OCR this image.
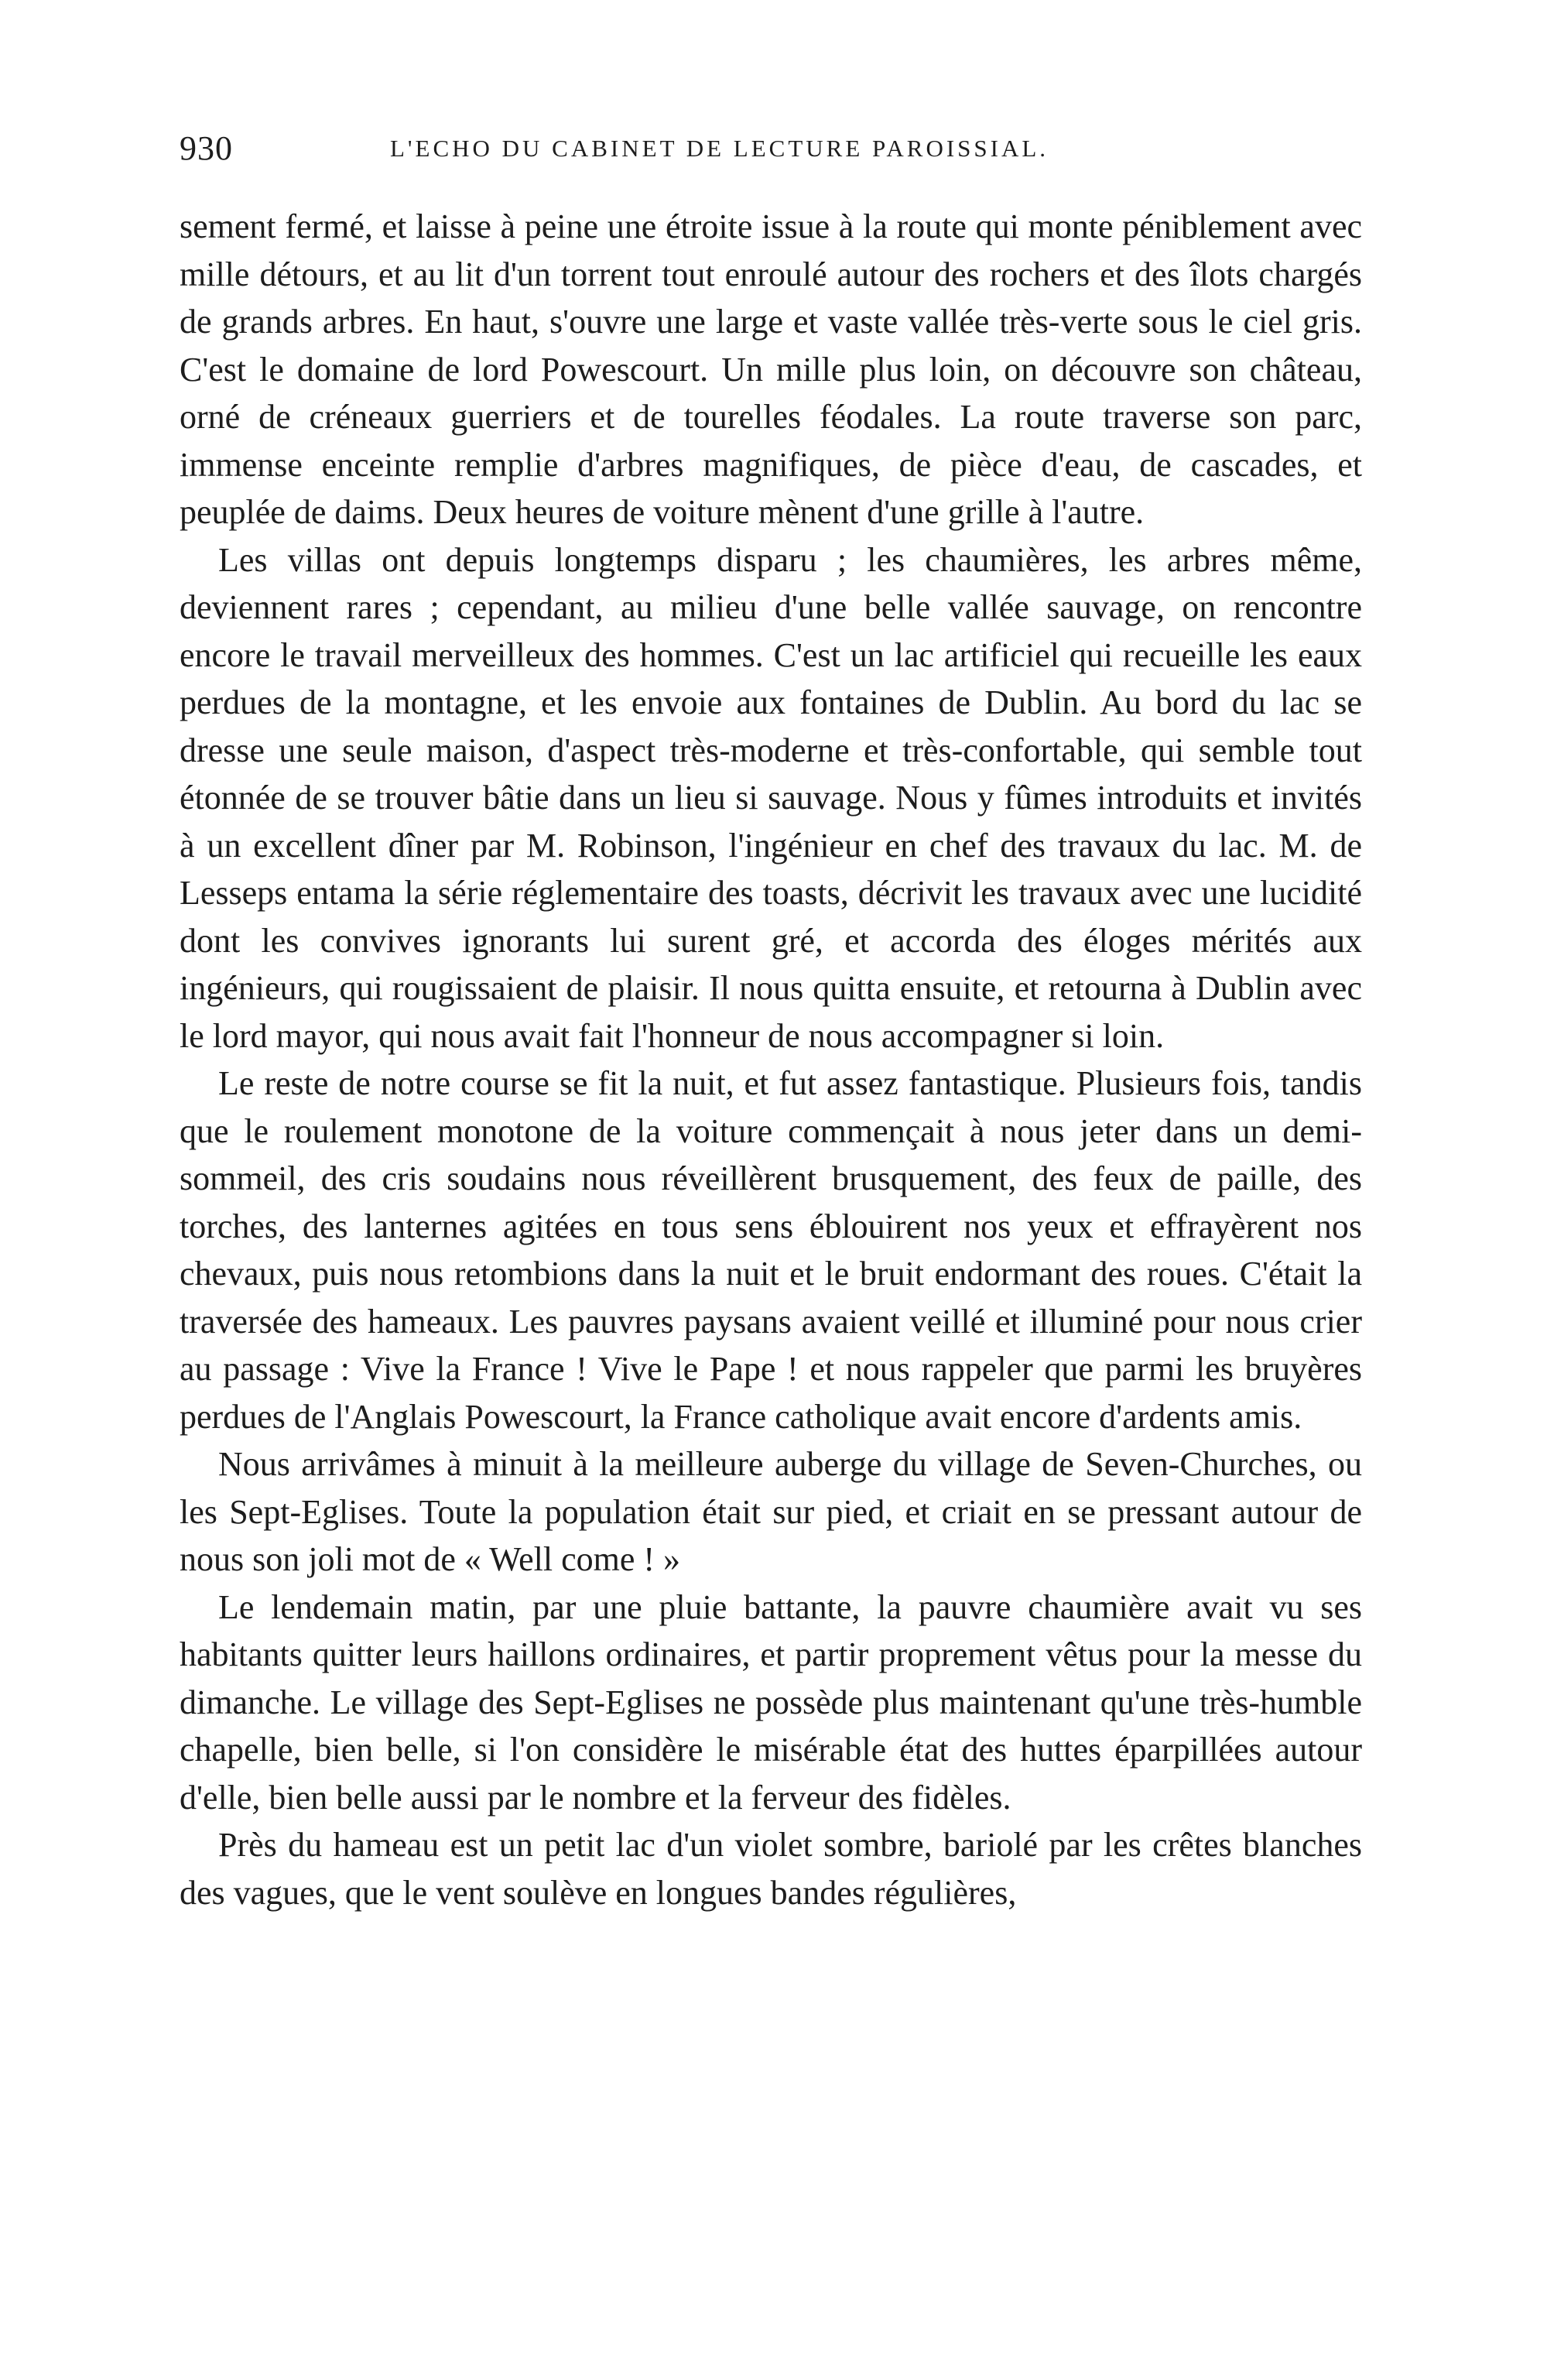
930	L'ECHO DU CABINET DE LECTURE PAROISSIAL.

sement fermé, et laisse à peine une étroite issue à la route qui monte péniblement avec mille détours, et au lit d'un torrent tout enroulé autour des rochers et des îlots chargés de grands arbres. En haut, s'ouvre une large et vaste vallée très-verte sous le ciel gris. C'est le domaine de lord Powescourt. Un mille plus loin, on découvre son château, orné de créneaux guerriers et de tourelles féodales. La route traverse son parc, immense enceinte remplie d'arbres magnifiques, de pièce d'eau, de cascades, et peuplée de daims. Deux heures de voiture mènent d'une grille à l'autre.

Les villas ont depuis longtemps disparu ; les chaumières, les arbres même, deviennent rares ; cependant, au milieu d'une belle vallée sauvage, on rencontre encore le travail merveilleux des hommes. C'est un lac artificiel qui recueille les eaux perdues de la montagne, et les envoie aux fontaines de Dublin. Au bord du lac se dresse une seule maison, d'aspect très-moderne et très-confortable, qui semble tout étonnée de se trouver bâtie dans un lieu si sauvage. Nous y fûmes introduits et invités à un excellent dîner par M. Robinson, l'ingénieur en chef des travaux du lac. M. de Lesseps entama la série réglementaire des toasts, décrivit les travaux avec une lucidité dont les convives ignorants lui surent gré, et accorda des éloges mérités aux ingénieurs, qui rougissaient de plaisir. Il nous quitta ensuite, et retourna à Dublin avec le lord mayor, qui nous avait fait l'honneur de nous accompagner si loin.

Le reste de notre course se fit la nuit, et fut assez fantastique. Plusieurs fois, tandis que le roulement monotone de la voiture commençait à nous jeter dans un demi-sommeil, des cris soudains nous réveillèrent brusquement, des feux de paille, des torches, des lanternes agitées en tous sens éblouirent nos yeux et effrayèrent nos chevaux, puis nous retombions dans la nuit et le bruit endormant des roues. C'était la traversée des hameaux. Les pauvres paysans avaient veillé et illuminé pour nous crier au passage : Vive la France ! Vive le Pape ! et nous rappeler que parmi les bruyères perdues de l'Anglais Powescourt, la France catholique avait encore d'ardents amis.

Nous arrivâmes à minuit à la meilleure auberge du village de Seven-Churches, ou les Sept-Eglises. Toute la population était sur pied, et criait en se pressant autour de nous son joli mot de « Well come ! »

Le lendemain matin, par une pluie battante, la pauvre chaumière avait vu ses habitants quitter leurs haillons ordinaires, et partir proprement vêtus pour la messe du dimanche. Le village des Sept-Eglises ne possède plus maintenant qu'une très-humble chapelle, bien belle, si l'on considère le misérable état des huttes éparpillées autour d'elle, bien belle aussi par le nombre et la ferveur des fidèles.

Près du hameau est un petit lac d'un violet sombre, bariolé par les crêtes blanches des vagues, que le vent soulève en longues bandes régulières,
